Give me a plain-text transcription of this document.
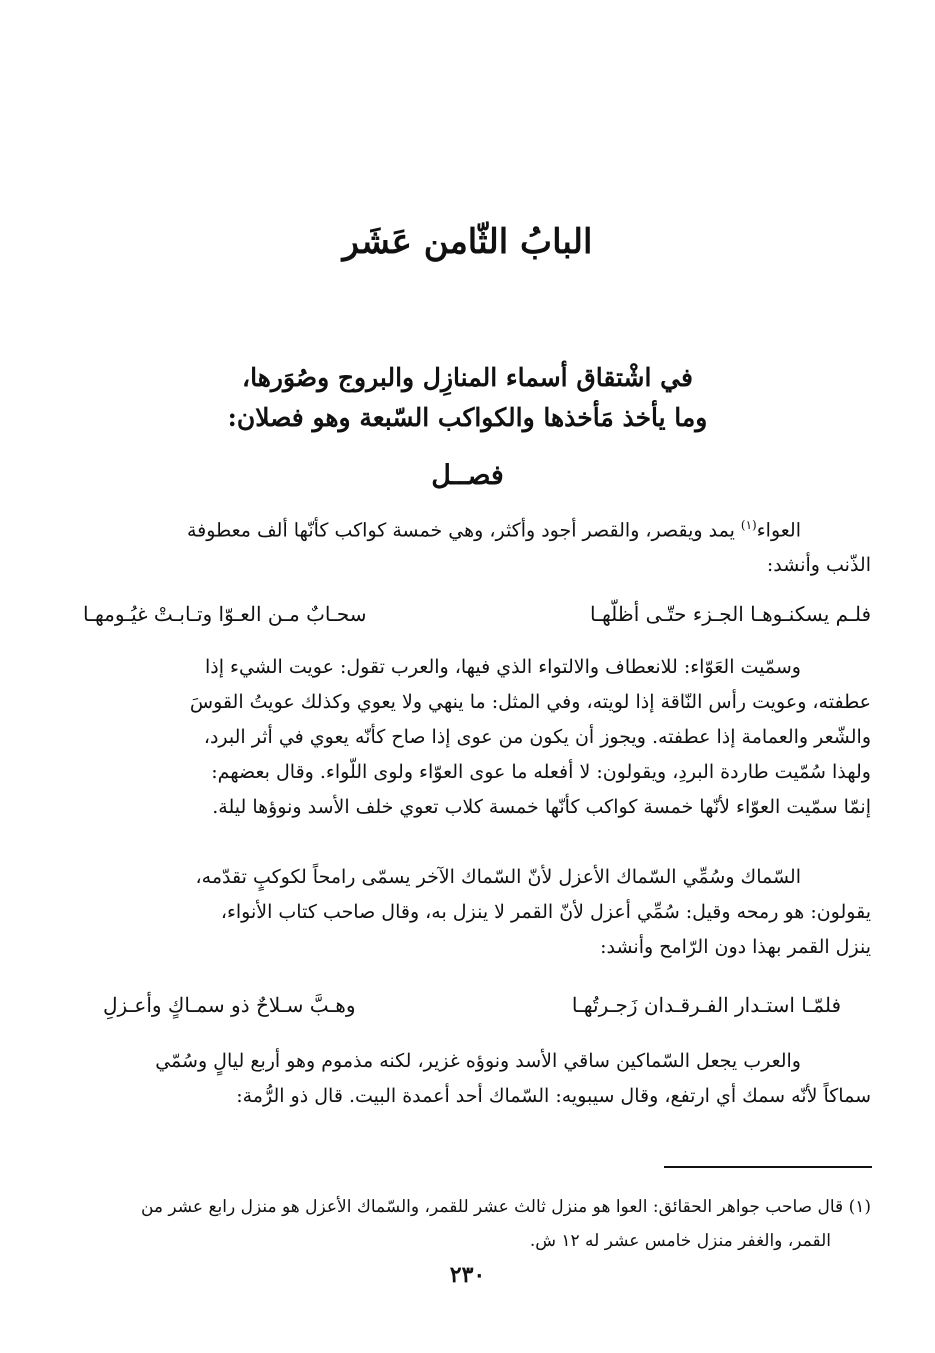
البابُ الثّامن عَشَر
في اشْتقاق أسماء المنازِل والبروج وصُوَرها،
وما يأخذ مَأخذها والكواكب السّبعة وهو فصلان:
فصــل
العواء$^{(١)}$ يمد ويقصر، والقصر أجود وأكثر، وهي خمسة كواكب كأنّها ألف معطوفة
الذّنب وأنشد:
فلـم يسكنـوهـا الجـزء حتّـى أظلّهـا
سحـابٌ مـن العـوّا وتـابـتْ غيُـومهـا
وسمّيت العَوّاء: للانعطاف والالتواء الذي فيها، والعرب تقول: عويت الشيء إذا
عطفته، وعويت رأس النّاقة إذا لويته، وفي المثل: ما ينهي ولا يعوي وكذلك عويتُ القوسَ
والشّعر والعمامة إذا عطفته. ويجوز أن يكون من عوى إذا صاح كأنّه يعوي في أثر البرد،
ولهذا سُمّيت طاردة البردِ، ويقولون: لا أفعله ما عوى العوّاء ولوى اللّواء. وقال بعضهم:
إنمّا سمّيت العوّاء لأنّها خمسة كواكب كأنّها خمسة كلاب تعوي خلف الأسد ونوؤها ليلة.
السّماك وسُمِّي السّماك الأعزل لأنّ السّماك الآخر يسمّى رامحاً لكوكبٍ تقدّمه،
يقولون: هو رمحه وقيل: سُمِّي أعزل لأنّ القمر لا ينزل به، وقال صاحب كتاب الأنواء،
ينزل القمر بهذا دون الرّامح وأنشد:
فلمّـا استـدار الفـرقـدان زَجـرتُهـا
وهـبَّ سـلاحٌ ذو سمـاكٍ وأعـزلِ
والعرب يجعل السّماكين ساقي الأسد ونوؤه غزير، لكنه مذموم وهو أربع ليالٍ وسُمّي
سماكاً لأنّه سمك أي ارتفع، وقال سيبويه: السّماك أحد أعمدة البيت. قال ذو الرُّمة:
(١) قال صاحب جواهر الحقائق: العوا هو منزل ثالث عشر للقمر، والسّماك الأعزل هو منزل رابع عشر من
القمر، والغفر منزل خامس عشر له ١٢ ش.
٢٣٠
